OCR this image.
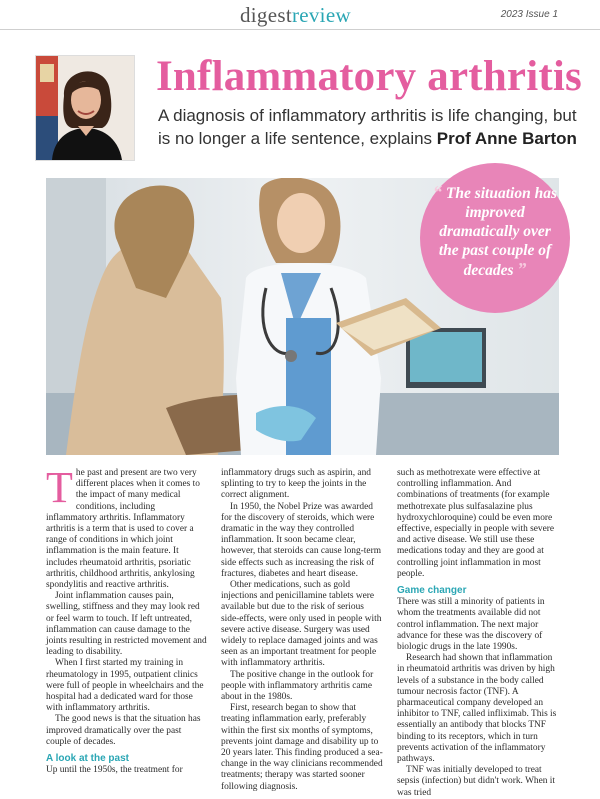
digestreview	2023 Issue 1
Inflammatory arthritis
A diagnosis of inflammatory arthritis is life changing, but is no longer a life sentence, explains Prof Anne Barton
“ The situation has improved dramatically over the past couple of decades ”

The past and present are two very different places when it comes to the impact of many medical conditions, including inflammatory arthritis. Inflammatory arthritis is a term that is used to cover a range of conditions in which joint inflammation is the main feature. It includes rheumatoid arthritis, psoriatic arthritis, childhood arthritis, ankylosing spondylitis and reactive arthritis.

Joint inflammation causes pain, swelling, stiffness and they may look red or feel warm to touch. If left untreated, inflammation can cause damage to the joints resulting in restricted movement and leading to disability.

When I first started my training in rheumatology in 1995, outpatient clinics were full of people in wheelchairs and the hospital had a dedicated ward for those with inflammatory arthritis.

The good news is that the situation has improved dramatically over the past couple of decades.

A look at the past

Up until the 1950s, the treatment for

inflammatory drugs such as aspirin, and splinting to try to keep the joints in the correct alignment.

In 1950, the Nobel Prize was awarded for the discovery of steroids, which were dramatic in the way they controlled inflammation. It soon became clear, however, that steroids can cause long-term side effects such as increasing the risk of fractures, diabetes and heart disease.

Other medications, such as gold injections and penicillamine tablets were available but due to the risk of serious side-effects, were only used in people with severe active disease. Surgery was used widely to replace damaged joints and was seen as an important treatment for people with inflammatory arthritis.

The positive change in the outlook for people with inflammatory arthritis came about in the 1980s.

First, research began to show that treating inflammation early, preferably within the first six months of symptoms, prevents joint damage and disability up to 20 years later. This finding produced a sea-change in the way clinicians recommended treatments; therapy was started sooner following diagnosis.

such as methotrexate were effective at controlling inflammation. And combinations of treatments (for example methotrexate plus sulfasalazine plus hydroxychloroquine) could be even more effective, especially in people with severe and active disease. We still use these medications today and they are good at controlling joint inflammation in most people.

Game changer

There was still a minority of patients in whom the treatments available did not control inflammation. The next major advance for these was the discovery of biologic drugs in the late 1990s.

Research had shown that inflammation in rheumatoid arthritis was driven by high levels of a substance in the body called tumour necrosis factor (TNF). A pharmaceutical company developed an inhibitor to TNF, called infliximab. This is essentially an antibody that blocks TNF binding to its receptors, which in turn prevents activation of the inflammatory pathways.

TNF was initially developed to treat sepsis (infection) but didn't work. When it was tried
